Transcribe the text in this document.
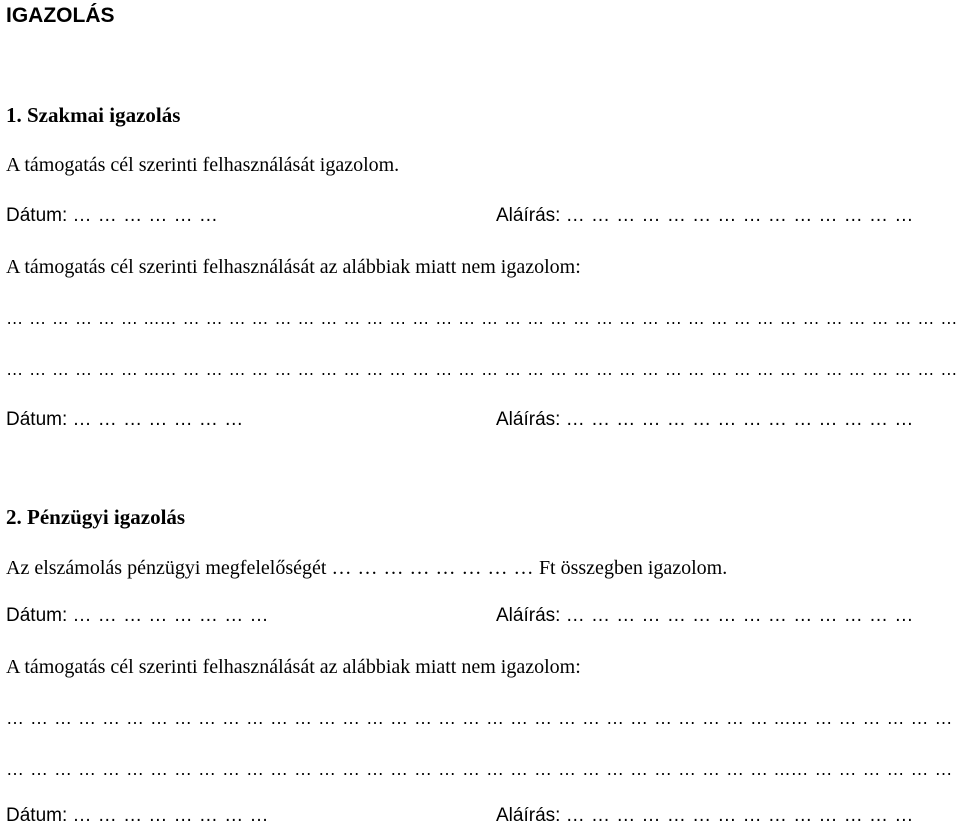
IGAZOLÁS
1. Szakmai igazolás
A támogatás cél szerinti felhasználását igazolom.
Dátum: … … … … … …	Aláírás: … … … … … … … … … … … … … …
A támogatás cél szerinti felhasználását az alábbiak miatt nem igazolom:
… … … … … … ...… … … … … … … … … … … … … … … … … … … … … … … … … … … … … … … … … … …
… … … … … … ...… … … … … … … … … … … … … … … … … … … … … … … … … … … … … … … … … … …
Dátum: … … … … … … …	Aláírás: … … … … … … … … … … … … … …
2. Pénzügyi igazolás
Az elszámolás pénzügyi megfelelőségét … … … … … … … … Ft összegben igazolom.
Dátum: … … … … … … … …	Aláírás: … … … … … … … … … … … … … …
A támogatás cél szerinti felhasználását az alábbiak miatt nem igazolom:
… … … … … … … … … … … … … … … … … … … … … … … … … … … … … … … … ...… … … … … … …
… … … … … … … … … … … … … … … … … … … … … … … … … … … … … … … … ...… … … … … … …
Dátum: … … … … … … … …	Aláírás: … … … … … … … … … … … … … …
